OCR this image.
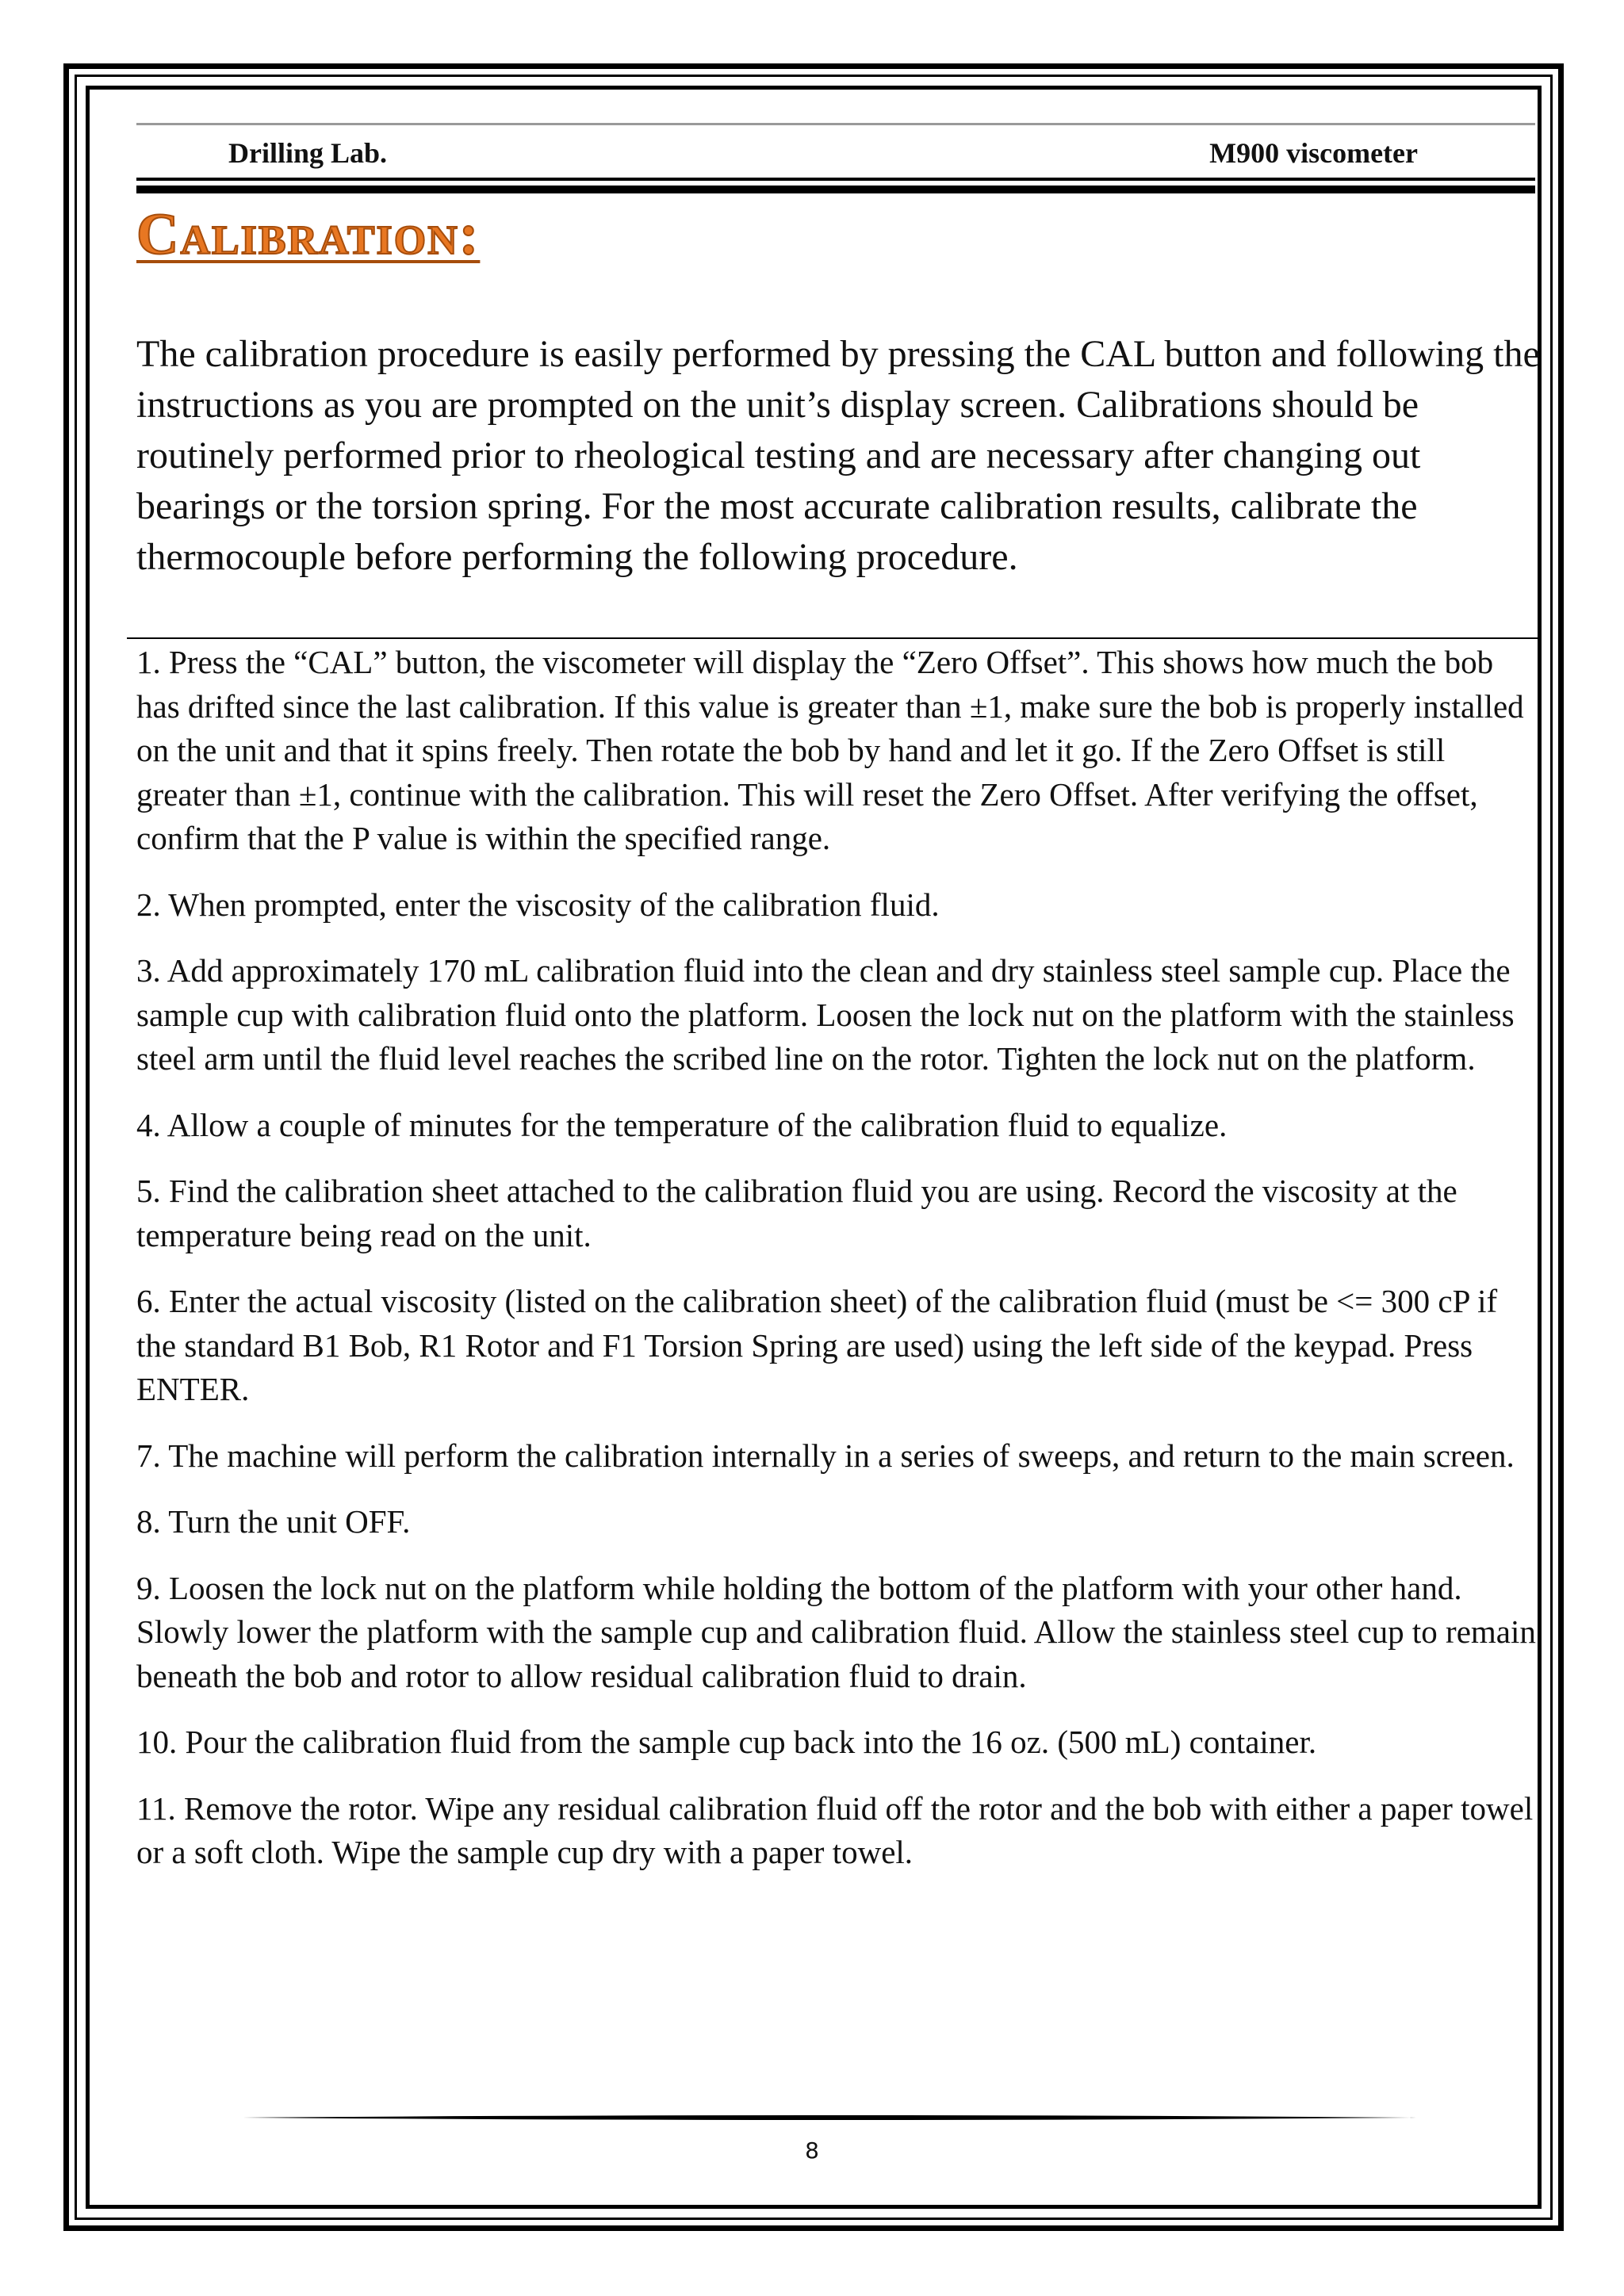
Drilling Lab.	M900 viscometer
Calibration:

The calibration procedure is easily performed by pressing the CAL button and following the instructions as you are prompted on the unit’s display screen. Calibrations should be routinely performed prior to rheological testing and are necessary after changing out bearings or the torsion spring. For the most accurate calibration results, calibrate the thermocouple before performing the following procedure.

1. Press the “CAL” button, the viscometer will display the “Zero Offset”. This shows how much the bob has drifted since the last calibration. If this value is greater than ±1, make sure the bob is properly installed on the unit and that it spins freely. Then rotate the bob by hand and let it go. If the Zero Offset is still greater than ±1, continue with the calibration. This will reset the Zero Offset. After verifying the offset, confirm that the P value is within the specified range.
2. When prompted, enter the viscosity of the calibration fluid.
3. Add approximately 170 mL calibration fluid into the clean and dry stainless steel sample cup. Place the sample cup with calibration fluid onto the platform. Loosen the lock nut on the platform with the stainless steel arm until the fluid level reaches the scribed line on the rotor. Tighten the lock nut on the platform.
4. Allow a couple of minutes for the temperature of the calibration fluid to equalize.
5. Find the calibration sheet attached to the calibration fluid you are using. Record the viscosity at the temperature being read on the unit.
6. Enter the actual viscosity (listed on the calibration sheet) of the calibration fluid (must be <= 300 cP if the standard B1 Bob, R1 Rotor and F1 Torsion Spring are used) using the left side of the keypad. Press ENTER.
7. The machine will perform the calibration internally in a series of sweeps, and return to the main screen.
8. Turn the unit OFF.
9. Loosen the lock nut on the platform while holding the bottom of the platform with your other hand. Slowly lower the platform with the sample cup and calibration fluid. Allow the stainless steel cup to remain beneath the bob and rotor to allow residual calibration fluid to drain.
10. Pour the calibration fluid from the sample cup back into the 16 oz. (500 mL) container.
11. Remove the rotor. Wipe any residual calibration fluid off the rotor and the bob with either a paper towel or a soft cloth. Wipe the sample cup dry with a paper towel.
8
